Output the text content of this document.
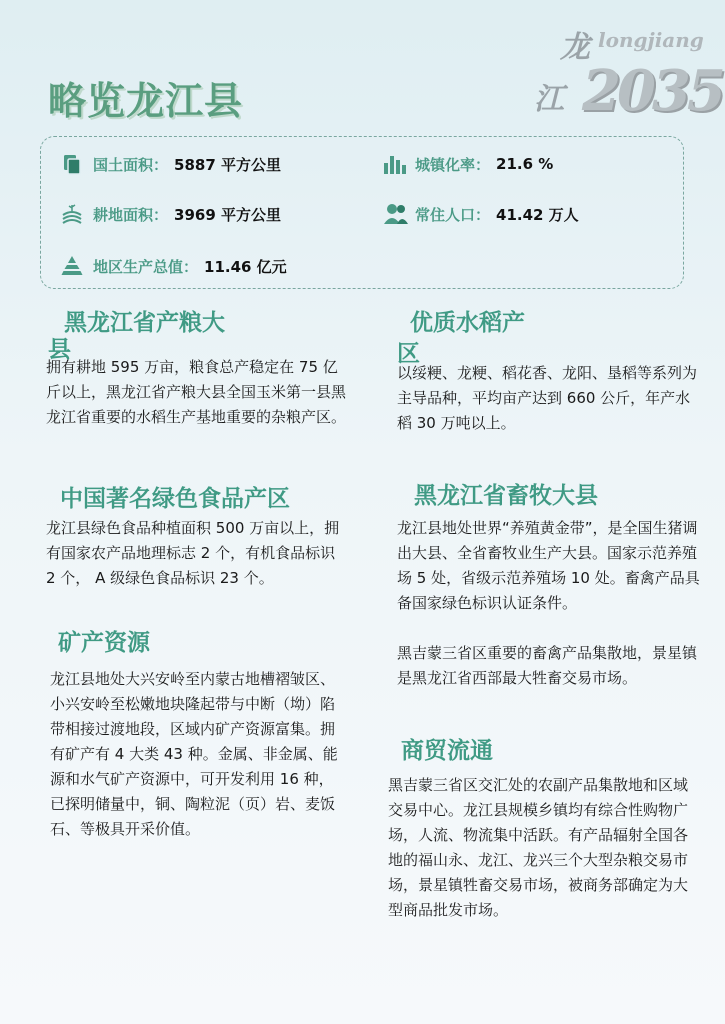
龙 longjiang
江 2035
略览龙江县
国土面积： 5887 平方公里	城镇化率： 21.6 %
耕地面积： 3969 平方公里	常住人口： 41.42 万人
地区生产总值： 11.46 亿元
黑龙江省产粮大
县

拥有耕地 595 万亩，粮食总产稳定在 75 亿斤以上，黑龙江省产粮大县全国玉米第一县黑龙江省重要的水稻生产基地重要的杂粮产区。

中国著名绿色食品产区

龙江县绿色食品种植面积 500 万亩以上，拥有国家农产品地理标志 2 个，有机食品标识 2 个， A 级绿色食品标识 23 个。

矿产资源

龙江县地处大兴安岭至内蒙古地槽褶皱区、小兴安岭至松嫩地块隆起带与中断（坳）陷带相接过渡地段，区域内矿产资源富集。拥有矿产有 4 大类 43 种。金属、非金属、能源和水气矿产资源中，可开发利用 16 种，已探明储量中，铜、陶粒泥（页）岩、麦饭石、等极具开采价值。

优质水稻产
区

以绥粳、龙粳、稻花香、龙阳、垦稻等系列为主导品种，平均亩产达到 660 公斤，年产水稻 30 万吨以上。

黑龙江省畜牧大县

龙江县地处世界“养殖黄金带”，是全国生猪调出大县、全省畜牧业生产大县。国家示范养殖场 5 处，省级示范养殖场 10 处。畜禽产品具备国家绿色标识认证条件。

黑吉蒙三省区重要的畜禽产品集散地，景星镇是黑龙江省西部最大牲畜交易市场。

商贸流通

黑吉蒙三省区交汇处的农副产品集散地和区域交易中心。龙江县规模乡镇均有综合性购物广场，人流、物流集中活跃。有产品辐射全国各地的福山永、龙江、龙兴三个大型杂粮交易市场，景星镇牲畜交易市场，被商务部确定为大型商品批发市场。
